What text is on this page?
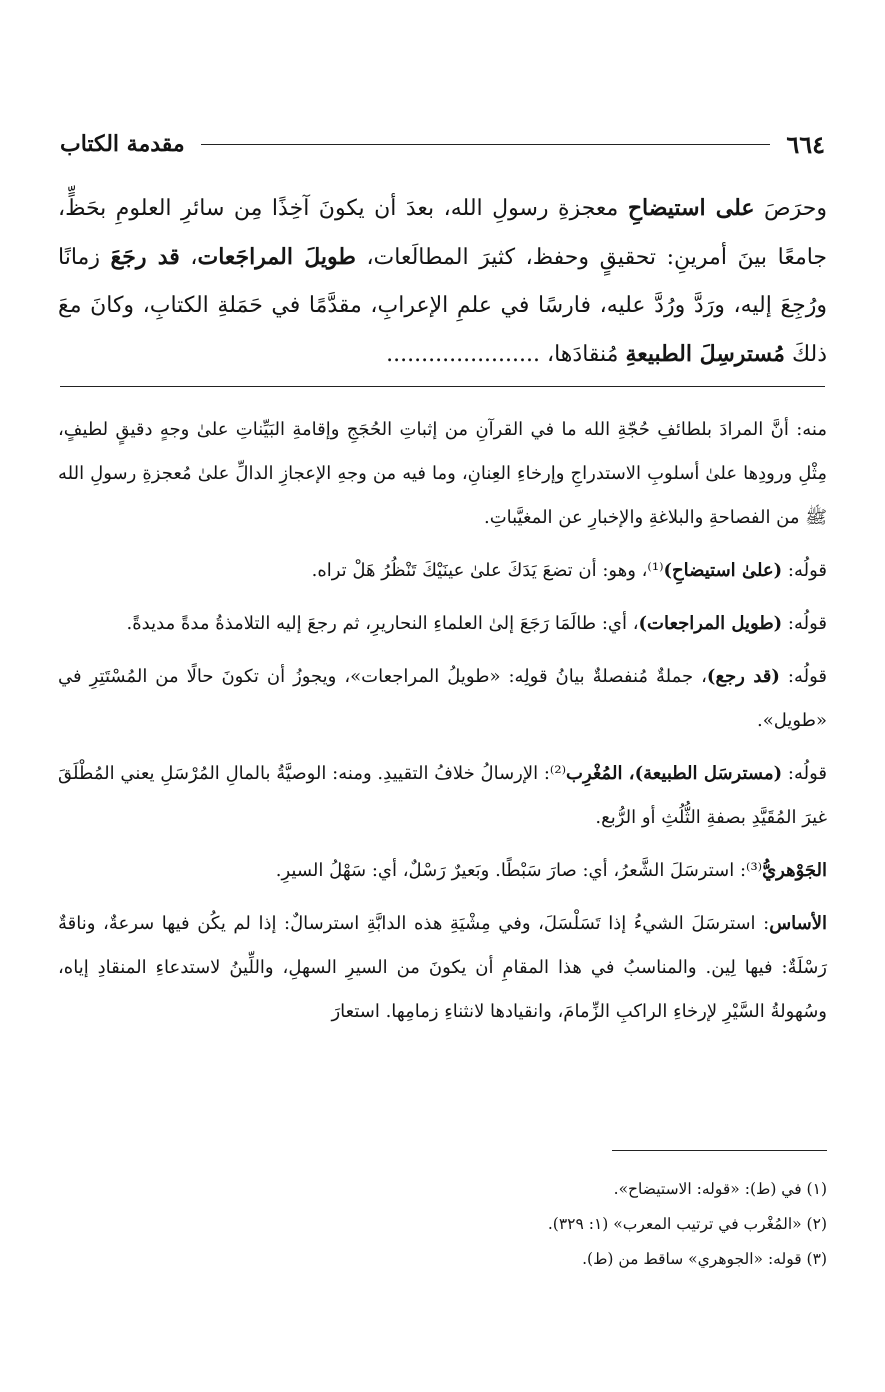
٦٦٤
مقدمة الكتاب

وحرَصَ على استيضاحِ معجزةِ رسولِ الله، بعدَ أن يكونَ آخِذًا مِن سائرِ العلومِ بحَظٍّ، جامعًا بينَ أمرينِ: تحقيقٍ وحفظ، كثيرَ المطالَعات، طويلَ المراجَعات، قد رجَعَ زمانًا ورُجِعَ إليه، ورَدَّ ورُدَّ عليه، فارسًا في علمِ الإعرابِ، مقدَّمًا في حَمَلةِ الكتابِ، وكانَ معَ ذلكَ مُسترسِلَ الطبيعةِ مُنقادَها، ......................

منه: أنَّ المرادَ بلطائفِ حُجّةِ الله ما في القرآنِ من إثباتِ الحُجَجِ وإقامةِ البَيِّناتِ علىٰ وجهٍ دقيقٍ لطيفٍ، مِثْلِ ورودِها علىٰ أسلوبِ الاستدراجِ وإرخاءِ العِنانِ، وما فيه من وجهِ الإعجازِ الدالِّ علىٰ مُعجزةِ رسولِ الله ﷺ من الفصاحةِ والبلاغةِ والإخبارِ عن المغيَّباتِ.

قولُه: (علىٰ استيضاحِ)⁽¹⁾، وهو: أن تضعَ يَدَكَ علىٰ عينَيْكَ تَنْظُرُ هَلْ تراه.

قولُه: (طويل المراجعات)، أي: طالَمَا رَجَعَ إلىٰ العلماءِ النحاريرِ، ثم رجعَ إليه التلامذةُ مدةً مديدةً.

قولُه: (قد رجع)، جملةٌ مُنفصلةٌ بيانُ قولِه: «طويلُ المراجعات»، ويجوزُ أن تكونَ حالًا من المُسْتَتِرِ في «طويل».

قولُه: (مسترسَل الطبيعة)، المُغْرِب⁽²⁾: الإرسالُ خلافُ التقييدِ. ومنه: الوصيَّةُ بالمالِ المُرْسَلِ يعني المُطْلَقَ غيرَ المُقَيَّدِ بصفةِ الثُّلُثِ أو الرُّبع.

الجَوْهريُّ⁽³⁾: استرسَلَ الشَّعرُ، أي: صارَ سَبْطًا. وبَعيرٌ رَسْلٌ، أي: سَهْلُ السيرِ.

الأساس: استرسَلَ الشيءُ إذا تَسَلْسَلَ، وفي مِشْيَةِ هذه الدابَّةِ استرسالٌ: إذا لم يكُن فيها سرعةٌ، وناقةٌ رَسْلَةٌ: فيها لِين. والمناسبُ في هذا المقامِ أن يكونَ من السيرِ السهلِ، واللِّينُ لاستدعاءِ المنقادِ إياه، وسُهولةُ السَّيْرِ لإرخاءِ الراكبِ الزِّمامَ، وانقيادها لانثناءِ زمامِها. استعارَ

(١) في (ط): «قوله: الاستيضاح».

(٢) «المُغْرب في ترتيب المعرب» (١: ٣٢٩).

(٣) قوله: «الجوهري» ساقط من (ط).
